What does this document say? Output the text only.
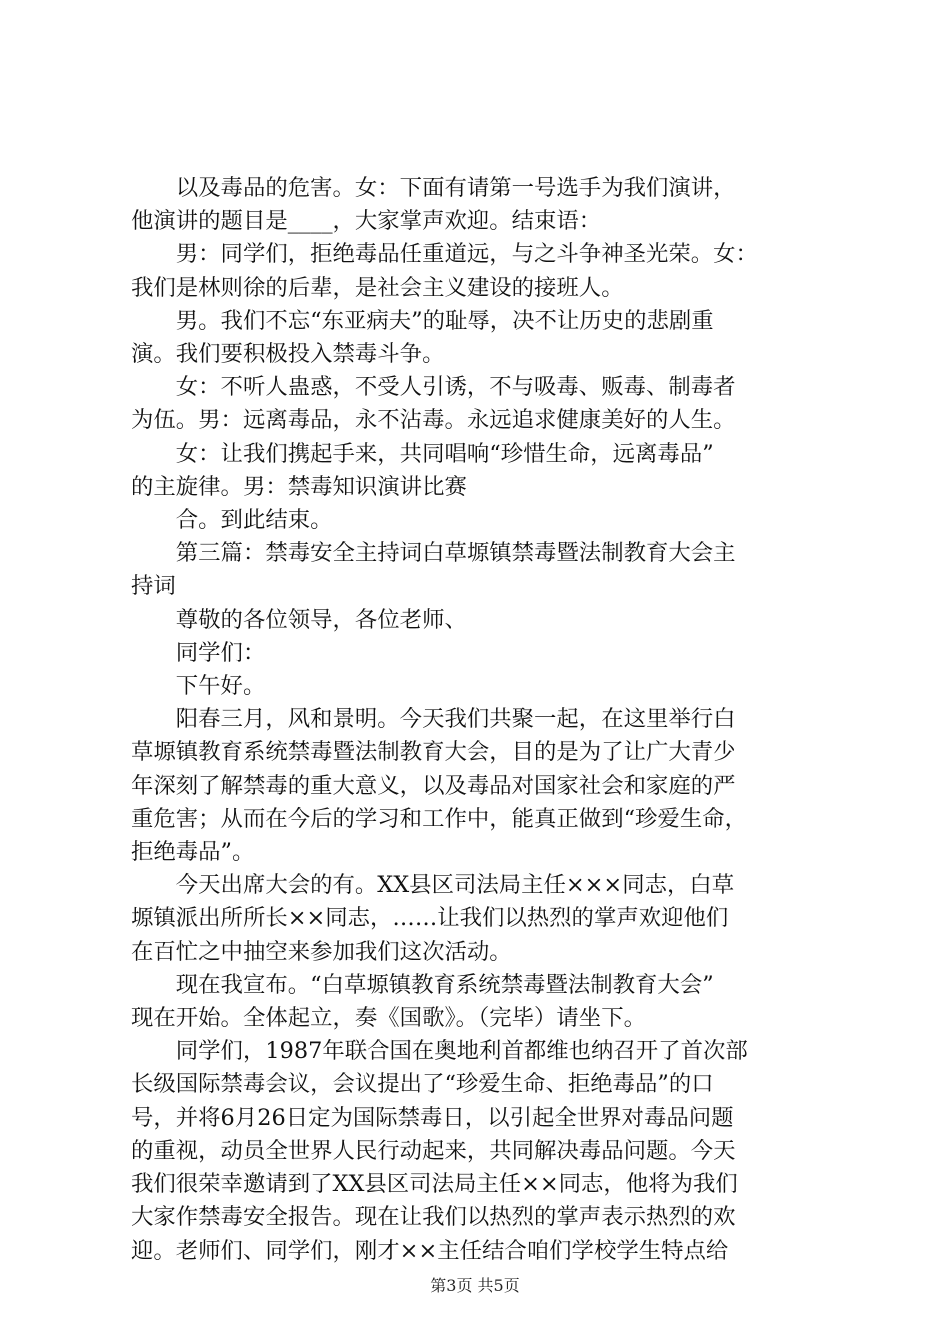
　　以及毒品的危害。女：下面有请第一号选手为我们演讲，

他演讲的题目是____，大家掌声欢迎。结束语：

　　男：同学们，拒绝毒品任重道远，与之斗争神圣光荣。女：

我们是林则徐的后辈，是社会主义建设的接班人。

　　男。我们不忘“东亚病夫”的耻辱，决不让历史的悲剧重

演。我们要积极投入禁毒斗争。

　　女：不听人蛊惑，不受人引诱，不与吸毒、贩毒、制毒者

为伍。男：远离毒品，永不沾毒。永远追求健康美好的人生。

　　女：让我们携起手来，共同唱响“珍惜生命，远离毒品”

的主旋律。男：禁毒知识演讲比赛

　　合。到此结束。

　　第三篇：禁毒安全主持词白草塬镇禁毒暨法制教育大会主

持词

　　尊敬的各位领导，各位老师、

　　同学们：

　　下午好。

　　阳春三月，风和景明。今天我们共聚一起，在这里举行白

草塬镇教育系统禁毒暨法制教育大会，目的是为了让广大青少

年深刻了解禁毒的重大意义，以及毒品对国家社会和家庭的严

重危害；从而在今后的学习和工作中，能真正做到“珍爱生命，

拒绝毒品”。

　　今天出席大会的有。XX县区司法局主任×××同志，白草

塬镇派出所所长××同志，……让我们以热烈的掌声欢迎他们

在百忙之中抽空来参加我们这次活动。

　　现在我宣布。“白草塬镇教育系统禁毒暨法制教育大会”

现在开始。全体起立，奏《国歌》。（完毕）请坐下。

　　同学们，1987年联合国在奥地利首都维也纳召开了首次部

长级国际禁毒会议，会议提出了“珍爱生命、拒绝毒品”的口

号，并将6月26日定为国际禁毒日，以引起全世界对毒品问题

的重视，动员全世界人民行动起来，共同解决毒品问题。今天

我们很荣幸邀请到了XX县区司法局主任××同志，他将为我们

大家作禁毒安全报告。现在让我们以热烈的掌声表示热烈的欢

迎。老师们、同学们，刚才××主任结合咱们学校学生特点给

第3页 共5页
